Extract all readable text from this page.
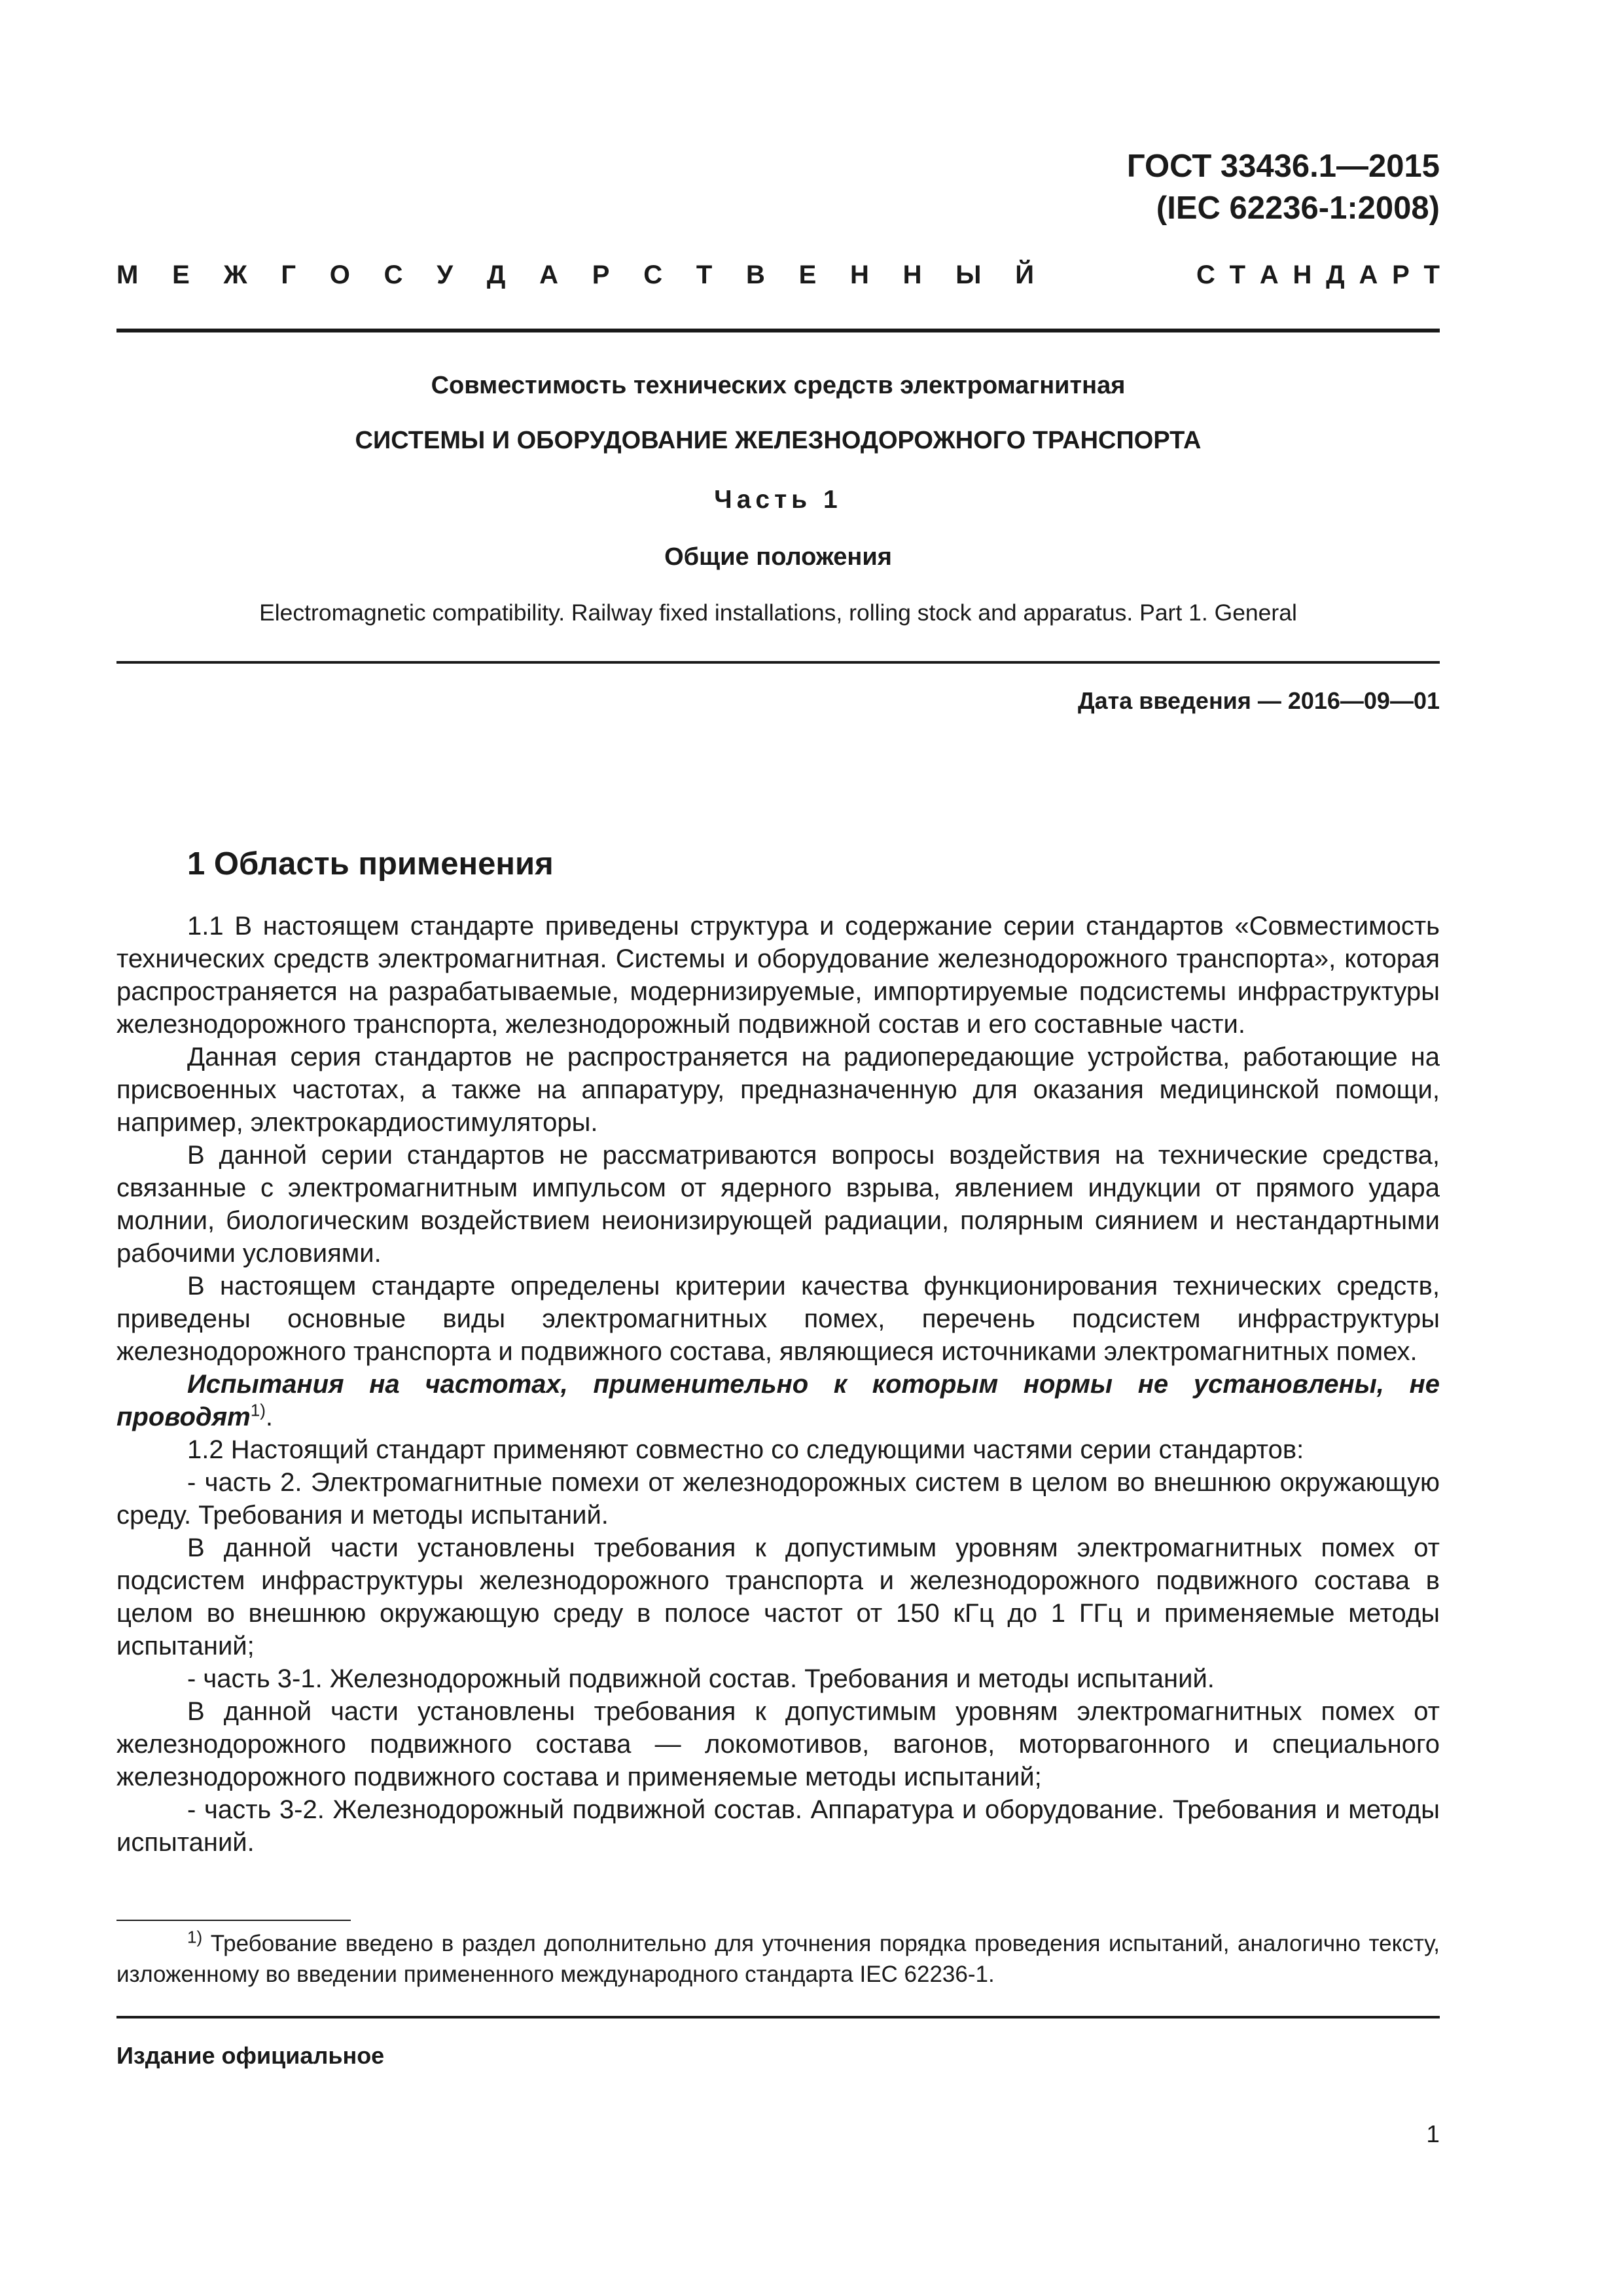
ГОСТ 33436.1—2015
(IEC 62236-1:2008)
М Е Ж Г О С У Д А Р С Т В Е Н Н Ы Й	С Т А Н Д А Р Т
Совместимость технических средств электромагнитная
СИСТЕМЫ И ОБОРУДОВАНИЕ ЖЕЛЕЗНОДОРОЖНОГО ТРАНСПОРТА
Часть 1
Общие положения
Electromagnetic compatibility. Railway fixed installations, rolling stock and apparatus. Part 1. General
Дата введения — 2016—09—01
1 Область применения

1.1 В настоящем стандарте приведены структура и содержание серии стандартов «Совместимость технических средств электромагнитная. Системы и оборудование железнодорожного транспорта», которая распространяется на разрабатываемые, модернизируемые, импортируемые подсистемы инфраструктуры железнодорожного транспорта, железнодорожный подвижной состав и его составные части.

Данная серия стандартов не распространяется на радиопередающие устройства, работающие на присвоенных частотах, а также на аппаратуру, предназначенную для оказания медицинской помощи, например, электрокардиостимуляторы.

В данной серии стандартов не рассматриваются вопросы воздействия на технические средства, связанные с электромагнитным импульсом от ядерного взрыва, явлением индукции от прямого удара молнии, биологическим воздействием неионизирующей радиации, полярным сиянием и нестандартными рабочими условиями.

В настоящем стандарте определены критерии качества функционирования технических средств, приведены основные виды электромагнитных помех, перечень подсистем инфраструктуры железнодорожного транспорта и подвижного состава, являющиеся источниками электромагнитных помех.

Испытания на частотах, применительно к которым нормы не установлены, не проводят$^{1)}$.

1.2 Настоящий стандарт применяют совместно со следующими частями серии стандартов:

- часть 2. Электромагнитные помехи от железнодорожных систем в целом во внешнюю окружающую среду. Требования и методы испытаний.

В данной части установлены требования к допустимым уровням электромагнитных помех от подсистем инфраструктуры железнодорожного транспорта и железнодорожного подвижного состава в целом во внешнюю окружающую среду в полосе частот от 150 кГц до 1 ГГц и применяемые методы испытаний;

- часть 3-1. Железнодорожный подвижной состав. Требования и методы испытаний.

В данной части установлены требования к допустимым уровням электромагнитных помех от железнодорожного подвижного состава — локомотивов, вагонов, моторвагонного и специального железнодорожного подвижного состава и применяемые методы испытаний;

- часть 3-2. Железнодорожный подвижной состав. Аппаратура и оборудование. Требования и методы испытаний.

$^{1)}$ Требование введено в раздел дополнительно для уточнения порядка проведения испытаний, аналогично тексту, изложенному во введении примененного международного стандарта IEC 62236-1.
Издание официальное
1
